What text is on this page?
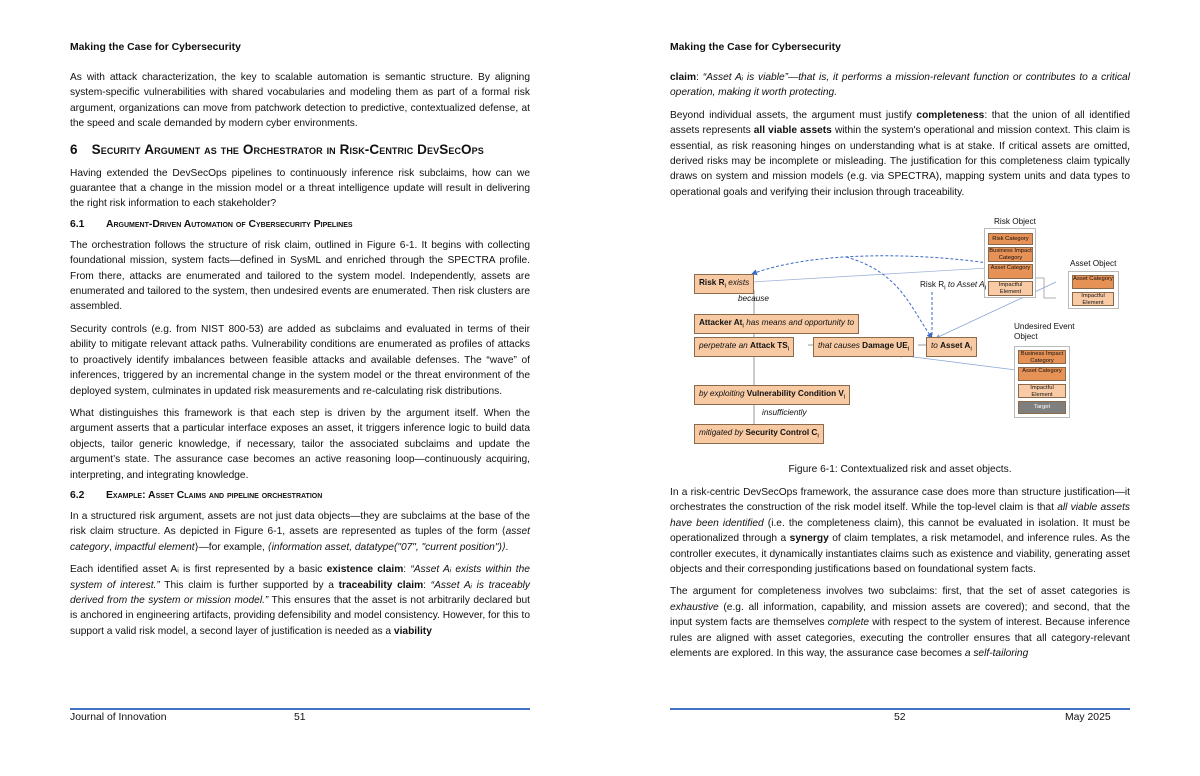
Making the Case for Cybersecurity

As with attack characterization, the key to scalable automation is semantic structure. By aligning system-specific vulnerabilities with shared vocabularies and modeling them as part of a formal risk argument, organizations can move from patchwork detection to predictive, contextualized defense, at the speed and scale demanded by modern cyber environments.

6 Security Argument as the Orchestrator in Risk-Centric DevSecOps

Having extended the DevSecOps pipelines to continuously inference risk subclaims, how can we guarantee that a change in the mission model or a threat intelligence update will result in delivering the right risk information to each stakeholder?

6.1 Argument-Driven Automation of Cybersecurity Pipelines

The orchestration follows the structure of risk claim, outlined in Figure 6-1. It begins with collecting foundational mission, system facts—defined in SysML and enriched through the SPECTRA profile. From there, attacks are enumerated and tailored to the system model. Independently, assets are enumerated and tailored to the system, then undesired events are enumerated. Then risk clusters are assembled.

Security controls (e.g. from NIST 800-53) are added as subclaims and evaluated in terms of their ability to mitigate relevant attack paths. Vulnerability conditions are enumerated as profiles of attacks to proactively identify imbalances between feasible attacks and available defenses. The “wave” of inferences, triggered by an incremental change in the system model or the threat environment of the deployed system, culminates in updated risk measurements and re-calculating risk distributions.

What distinguishes this framework is that each step is driven by the argument itself. When the argument asserts that a particular interface exposes an asset, it triggers inference logic to build data objects, tailor generic knowledge, if necessary, tailor the associated subclaims and update the argument’s state. The assurance case becomes an active reasoning loop—continuously acquiring, interpreting, and integrating knowledge.

6.2 Example: Asset Claims and pipeline orchestration

In a structured risk argument, assets are not just data objects—they are subclaims at the base of the risk claim structure. As depicted in Figure 6-1, assets are represented as tuples of the form ⟨asset category, impactful element⟩—for example, ⟨information asset, datatype("07", "current position")⟩.

Each identified asset Aᵢ is first represented by a basic existence claim: “Asset Aᵢ exists within the system of interest.” This claim is further supported by a traceability claim: “Asset Aᵢ is traceably derived from the system or mission model.” This ensures that the asset is not arbitrarily declared but is anchored in engineering artifacts, providing defensibility and model consistency. However, for this to support a valid risk model, a second layer of justification is needed as a viability

Journal of Innovation	51
Making the Case for Cybersecurity

claim: “Asset Aᵢ is viable”—that is, it performs a mission-relevant function or contributes to a critical operation, making it worth protecting.

Beyond individual assets, the argument must justify completeness: that the union of all identified assets represents all viable assets within the system's operational and mission context. This claim is essential, as risk reasoning hinges on understanding what is at stake. If critical assets are omitted, derived risks may be incomplete or misleading. The justification for this completeness claim typically draws on system and mission models (e.g. via SPECTRA), mapping system units and data types to operational goals and verifying their inclusion through traceability.

In a risk-centric DevSecOps framework, the assurance case does more than structure justification—it orchestrates the construction of the risk model itself. While the top-level claim is that all viable assets have been identified (i.e. the completeness claim), this cannot be evaluated in isolation. It must be operationalized through a synergy of claim templates, a risk metamodel, and inference rules. As the controller executes, it dynamically instantiates claims such as existence and viability, generating asset objects and their corresponding justifications based on foundational system facts.

The argument for completeness involves two subclaims: first, that the set of asset categories is exhaustive (e.g. all information, capability, and mission assets are covered); and second, that the input system facts are themselves complete with respect to the system of interest. Because inference rules are aligned with asset categories, executing the controller ensures that all category-relevant elements are explored. In this way, the assurance case becomes a self-tailoring

52	May 2025
Risk Object
Risk Category
Business Impact Category
Asset Category
Impactful Element
Asset Object
Asset Category
Impactful Element
Undesired Event Object
Business Impact Category
Asset Category
Impactful Element
Target
Risk $R_i$ exists
because
Risk $R_i$ to Asset $A_i$
Attacker $At_i$ has means and opportunity to
perpetrate an Attack $TS_i$	that causes Damage $UE_i$	to Asset $A_i$
by exploiting Vulnerability Condition $V_i$
insufficiently
mitigated by Security Control $C_i$
Figure 6-1: Contextualized risk and asset objects.
